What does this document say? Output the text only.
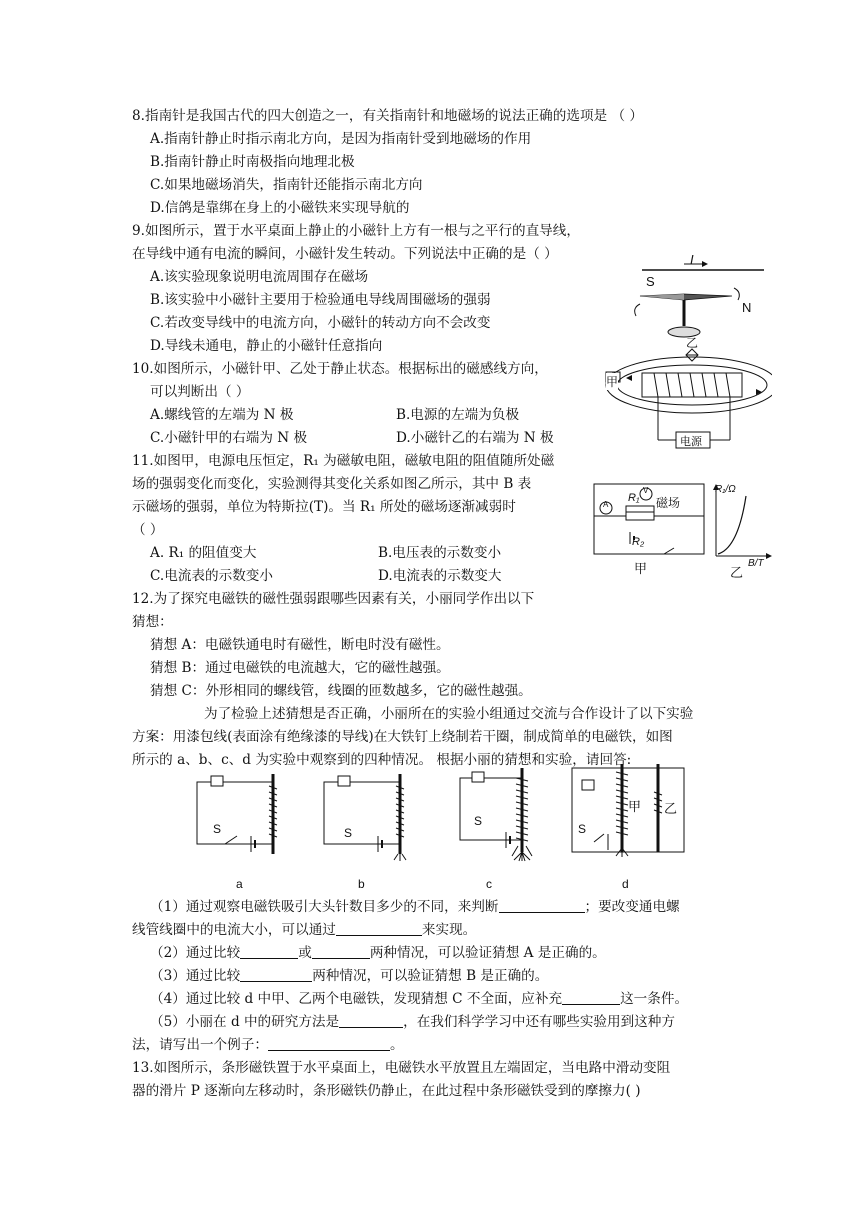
8.指南针是我国古代的四大创造之一，有关指南针和地磁场的说法正确的选项是 （ ）
A.指南针静止时指示南北方向，是因为指南针受到地磁场的作用
B.指南针静止时南极指向地理北极
C.如果地磁场消失，指南针还能指示南北方向
D.信鸽是靠绑在身上的小磁铁来实现导航的
9.如图所示，置于水平桌面上静止的小磁针上方有一根与之平行的直导线，
在导线中通有电流的瞬间，小磁针发生转动。下列说法中正确的是（ ）
A.该实验现象说明电流周围存在磁场
B.该实验中小磁针主要用于检验通电导线周围磁场的强弱
C.若改变导线中的电流方向，小磁针的转动方向不会改变
D.导线未通电，静止的小磁针任意指向
I
S
N
10.如图所示，小磁针甲、乙处于静止状态。根据标出的磁感线方向，
可以判断出（ ）
A.螺线管的左端为 N 极	B.电源的左端为负极
C.小磁针甲的右端为 N 极	D.小磁针乙的右端为 N 极
乙
甲
电源
11.如图甲，电源电压恒定，R₁ 为磁敏电阻，磁敏电阻的阻值随所处磁
场的强弱变化而变化，实验测得其变化关系如图乙所示，其中 B 表
示磁场的强弱，单位为特斯拉(T)。当 R₁ 所处的磁场逐渐减弱时
（ ）
A. R₁ 的阻值变大	B.电压表的示数变小
C.电流表的示数变小	D.电流表的示数变大
V
A
R₁ 磁场
R₂
甲
R₁/Ω
B/T
乙
12.为了探究电磁铁的磁性强弱跟哪些因素有关，小丽同学作出以下
猜想：
猜想 A：电磁铁通电时有磁性，断电时没有磁性。
猜想 B：通过电磁铁的电流越大，它的磁性越强。
猜想 C：外形相同的螺线管，线圈的匝数越多，它的磁性越强。
为了检验上述猜想是否正确，小丽所在的实验小组通过交流与合作设计了以下实验
方案：用漆包线(表面涂有绝缘漆的导线)在大铁钉上绕制若干圈，制成简单的电磁铁，如图
所示的 a、b、c、d 为实验中观察到的四种情况。 根据小丽的猜想和实验，请回答:
S	S
S
S
甲 乙
a	b	c	d
（1）通过观察电磁铁吸引大头针数目多少的不同，来判断	；要改变通电螺
线管线圈中的电流大小，可以通过	来实现。
（2）通过比较	或	两种情况，可以验证猜想 A 是正确的。
（3）通过比较	两种情况，可以验证猜想 B 是正确的。
（4）通过比较 d 中甲、乙两个电磁铁，发现猜想 C 不全面，应补充	这一条件。
（5）小丽在 d 中的研究方法是	，在我们科学学习中还有哪些实验用到这种方
法，请写出一个例子：	。
13.如图所示，条形磁铁置于水平桌面上，电磁铁水平放置且左端固定，当电路中滑动变阻
器的滑片 P 逐渐向左移动时，条形磁铁仍静止，在此过程中条形磁铁受到的摩擦力( )
